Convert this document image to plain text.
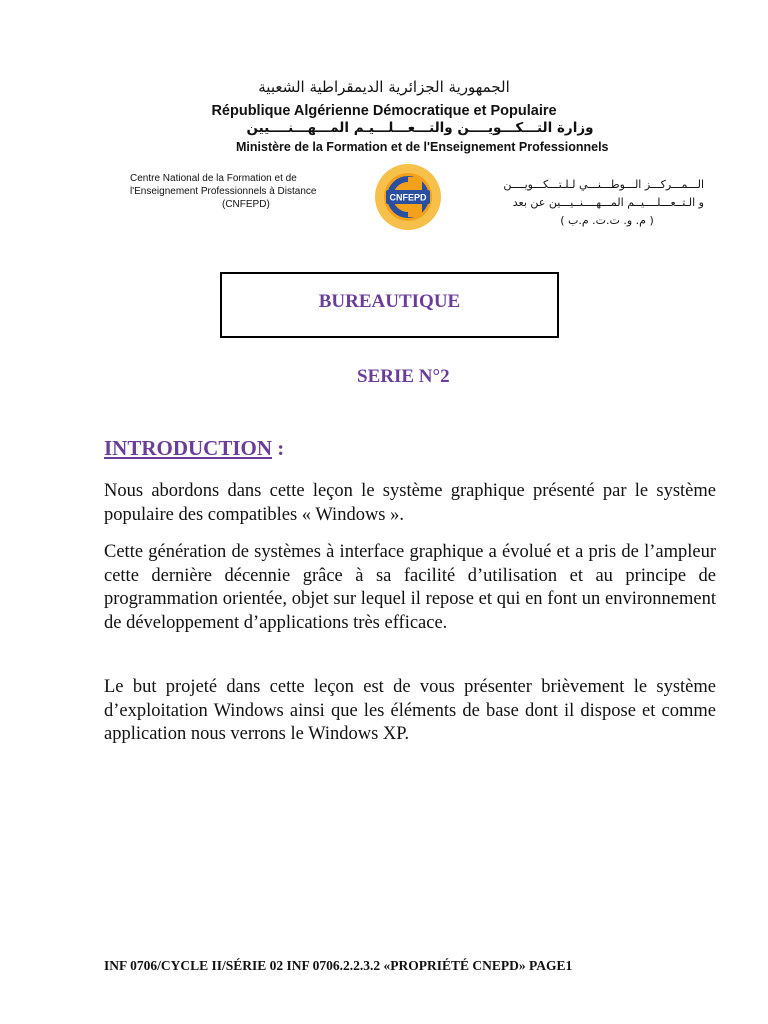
الجمهورية الجزائرية الديمقراطية الشعبية
République Algérienne Démocratique et Populaire
وزارة التـــكـــويــــن والتـــعـــلـــيـم المـــهـــنــــيين
Ministère de la Formation et de l'Enseignement Professionnels
Centre National de la Formation et de
l'Enseignement Professionnels à Distance
(CNFEPD)
CNFEPD
الـــمـــركـــز الـــوطـــنـــي لـلـتـــكـــويــــن
و الـتــعـــلــــيــم المـــهــــنــيـــين عن بعد
( م. و. ت.ت. م.ب )
BUREAUTIQUE
SERIE N°2
INTRODUCTION :
Nous abordons dans cette leçon le système graphique présenté par le système populaire des compatibles « Windows ».
Cette génération de systèmes à interface graphique a évolué et a pris de l’ampleur cette dernière décennie grâce à sa facilité d’utilisation et au principe de programmation orientée, objet sur lequel il repose et qui en font un environnement de développement d’applications très efficace.
Le but projeté dans cette leçon est de vous présenter brièvement le système d’exploitation Windows ainsi que les éléments de base dont il dispose et comme application nous verrons le Windows XP.
INF 0706/CYCLE II/SÉRIE 02 INF 0706.2.2.3.2 «PROPRIÉTÉ CNEPD» PAGE1
